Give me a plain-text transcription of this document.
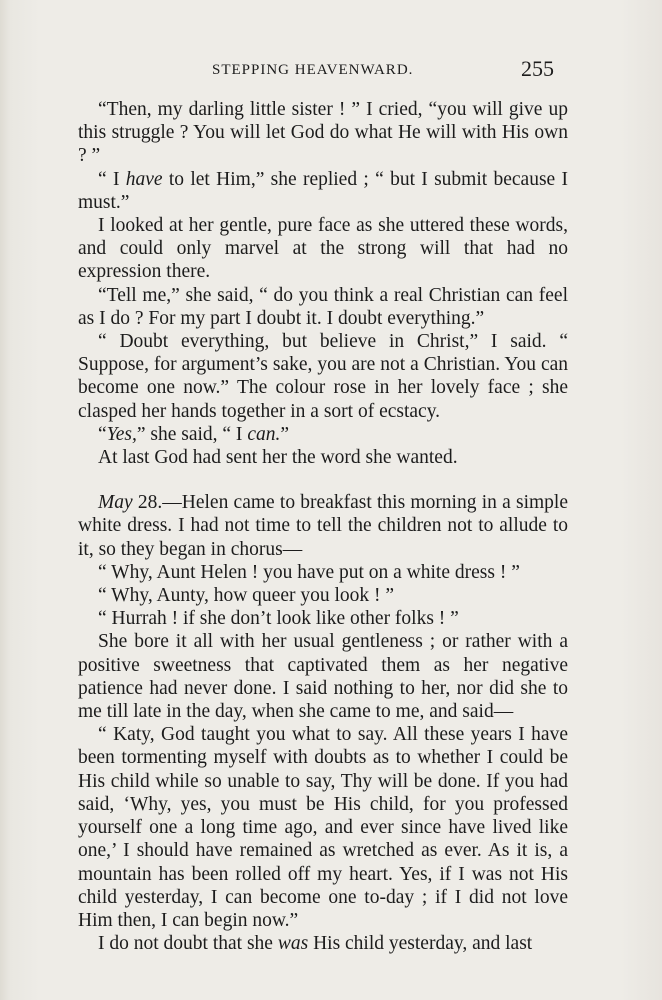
STEPPING HEAVENWARD.	255

“Then, my darling little sister ! ” I cried, “you will give up this struggle ? You will let God do what He will with His own ? ”

“ I have to let Him,” she replied ; “ but I submit because I must.”

I looked at her gentle, pure face as she uttered these words, and could only marvel at the strong will that had no expression there.

“Tell me,” she said, “ do you think a real Christian can feel as I do ? For my part I doubt it. I doubt everything.”

“ Doubt everything, but believe in Christ,” I said. “ Suppose, for argument’s sake, you are not a Christian. You can become one now.” The colour rose in her lovely face ; she clasped her hands together in a sort of ecstacy.

“Yes,” she said, “ I can.”

At last God had sent her the word she wanted.

May 28.—Helen came to breakfast this morning in a simple white dress. I had not time to tell the children not to allude to it, so they began in chorus—

“ Why, Aunt Helen ! you have put on a white dress ! ”

“ Why, Aunty, how queer you look ! ”

“ Hurrah ! if she don’t look like other folks ! ”

She bore it all with her usual gentleness ; or rather with a positive sweetness that captivated them as her negative patience had never done. I said nothing to her, nor did she to me till late in the day, when she came to me, and said—

“ Katy, God taught you what to say. All these years I have been tormenting myself with doubts as to whether I could be His child while so unable to say, Thy will be done. If you had said, ‘Why, yes, you must be His child, for you professed yourself one a long time ago, and ever since have lived like one,’ I should have remained as wretched as ever. As it is, a mountain has been rolled off my heart. Yes, if I was not His child yesterday, I can become one to-day ; if I did not love Him then, I can begin now.”

I do not doubt that she was His child yesterday, and last
